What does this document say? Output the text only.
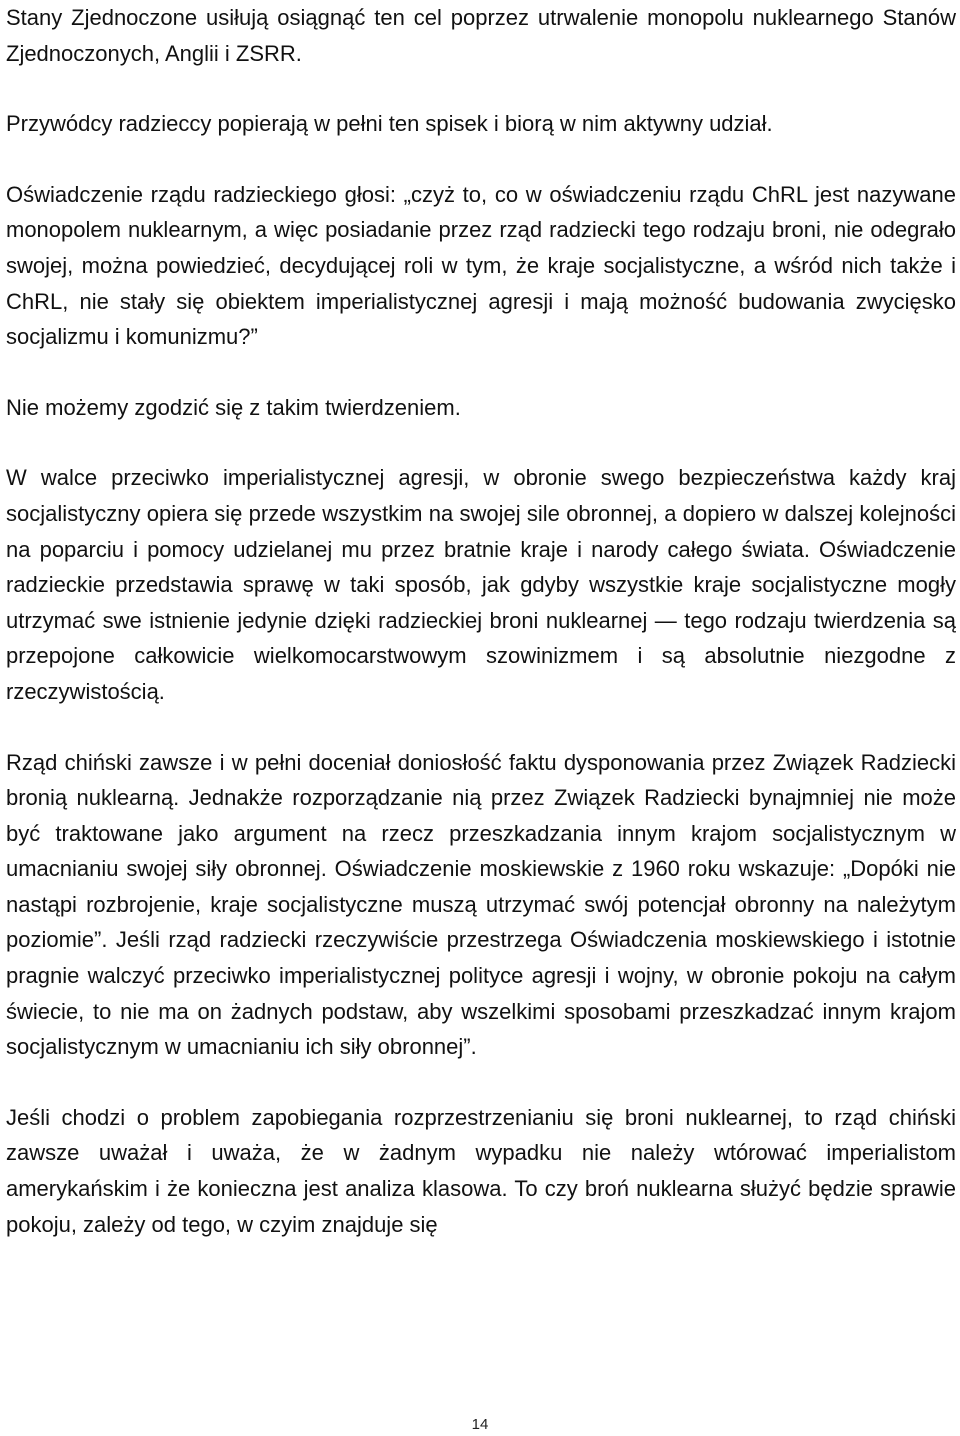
Stany Zjednoczone usiłują osiągnąć ten cel poprzez utrwalenie monopolu nuklearnego Stanów Zjednoczonych, Anglii i ZSRR.

Przywódcy radzieccy popierają w pełni ten spisek i biorą w nim aktywny udział.

Oświadczenie rządu radzieckiego głosi: „czyż to, co w oświadczeniu rządu ChRL jest nazywane monopolem nuklearnym, a więc posiadanie przez rząd radziecki tego rodzaju broni, nie odegrało swojej, można powiedzieć, decydującej roli w tym, że kraje socjalistyczne, a wśród nich także i ChRL, nie stały się obiektem imperialistycznej agresji i mają możność budowania zwycięsko socjalizmu i komunizmu?”

Nie możemy zgodzić się z takim twierdzeniem.

W walce przeciwko imperialistycznej agresji, w obronie swego bezpieczeństwa każdy kraj socjalistyczny opiera się przede wszystkim na swojej sile obronnej, a dopiero w dalszej kolejności na poparciu i pomocy udzielanej mu przez bratnie kraje i narody całego świata. Oświadczenie radzieckie przedstawia sprawę w taki sposób, jak gdyby wszystkie kraje socjalistyczne mogły utrzymać swe istnienie jedynie dzięki radzieckiej broni nuklearnej — tego rodzaju twierdzenia są przepojone całkowicie wielkomocarstwowym szowinizmem i są absolutnie niezgodne z rzeczywistością.

Rząd chiński zawsze i w pełni doceniał doniosłość faktu dysponowania przez Związek Radziecki bronią nuklearną. Jednakże rozporządzanie nią przez Związek Radziecki bynajmniej nie może być traktowane jako argument na rzecz przeszkadzania innym krajom socjalistycznym w umacnianiu swojej siły obronnej. Oświadczenie moskiewskie z 1960 roku wskazuje: „Dopóki nie nastąpi rozbrojenie, kraje socjalistyczne muszą utrzymać swój potencjał obronny na należytym poziomie”. Jeśli rząd radziecki rzeczywiście przestrzega Oświadczenia moskiewskiego i istotnie pragnie walczyć przeciwko imperialistycznej polityce agresji i wojny, w obronie pokoju na całym świecie, to nie ma on żadnych podstaw, aby wszelkimi sposobami przeszkadzać innym krajom socjalistycznym w umacnianiu ich siły obronnej”.

Jeśli chodzi o problem zapobiegania rozprzestrzenianiu się broni nuklearnej, to rząd chiński zawsze uważał i uważa, że w żadnym wypadku nie należy wtórować imperialistom amerykańskim i że konieczna jest analiza klasowa. To czy broń nuklearna służyć będzie sprawie pokoju, zależy od tego, w czyim znajduje się

14
